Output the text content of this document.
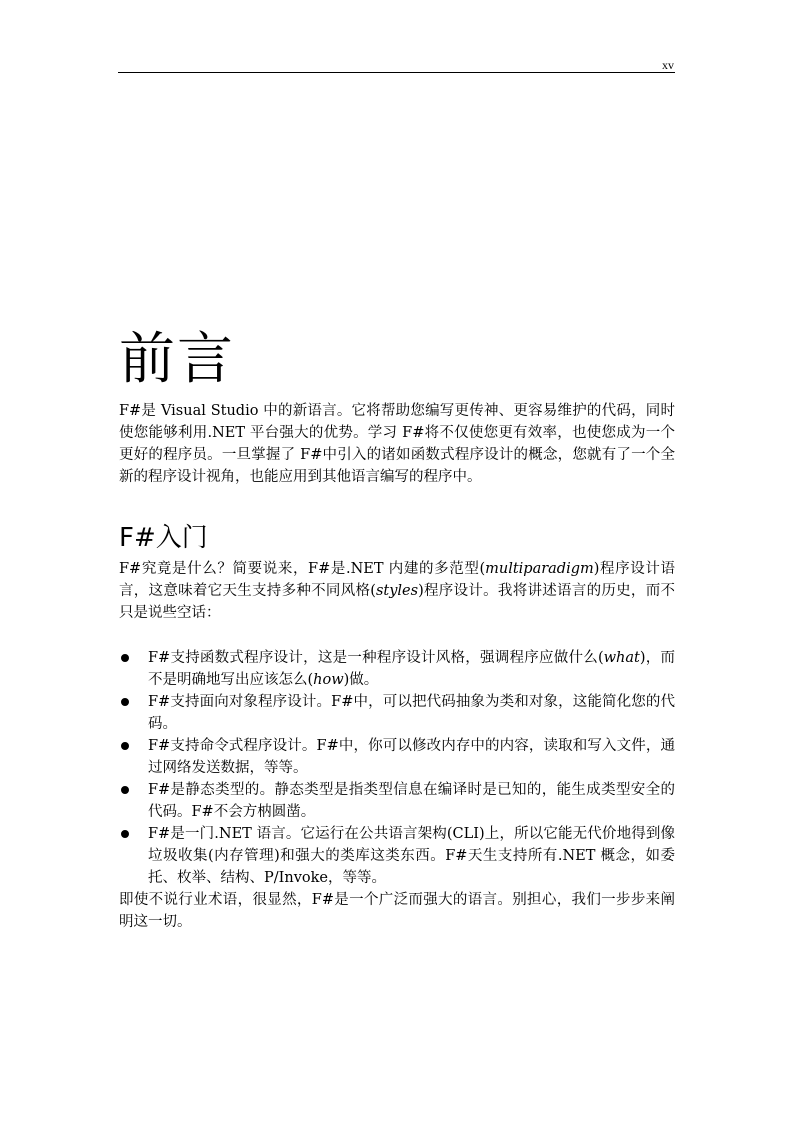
xv
前言

F#是 Visual Studio 中的新语言。它将帮助您编写更传神、更容易维护的代码，同时使您能够利用.NET 平台强大的优势。学习 F#将不仅使您更有效率，也使您成为一个更好的程序员。一旦掌握了 F#中引入的诸如函数式程序设计的概念，您就有了一个全新的程序设计视角，也能应用到其他语言编写的程序中。

F#入门

F#究竟是什么？简要说来，F#是.NET 内建的多范型(multiparadigm)程序设计语言，这意味着它天生支持多种不同风格(styles)程序设计。我将讲述语言的历史，而不只是说些空话：

F#支持函数式程序设计，这是一种程序设计风格，强调程序应做什么(what)，而不是明确地写出应该怎么(how)做。
F#支持面向对象程序设计。F#中，可以把代码抽象为类和对象，这能简化您的代码。
F#支持命令式程序设计。F#中，你可以修改内存中的内容，读取和写入文件，通过网络发送数据，等等。
F#是静态类型的。静态类型是指类型信息在编译时是已知的，能生成类型安全的代码。F#不会方枘圆凿。
F#是一门.NET 语言。它运行在公共语言架构(CLI)上，所以它能无代价地得到像垃圾收集(内存管理)和强大的类库这类东西。F#天生支持所有.NET 概念，如委托、枚举、结构、P/Invoke，等等。

即使不说行业术语，很显然，F#是一个广泛而强大的语言。别担心，我们一步步来阐明这一切。
